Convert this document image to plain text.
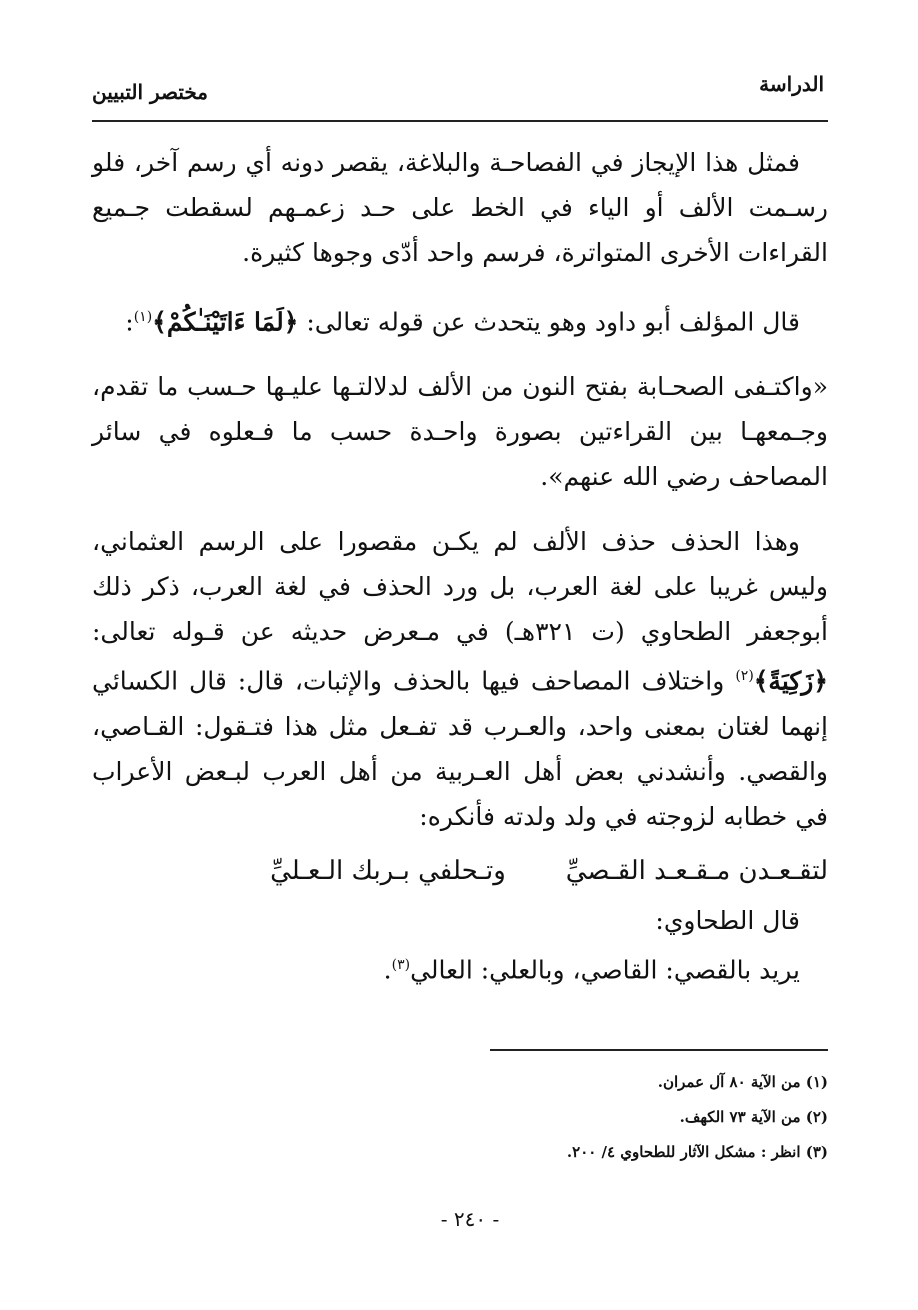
الدراسة
مختصر التبيين

فمثل هذا الإيجاز في الفصاحـة والبلاغة، يقصر دونه أي رسم آخر، فلو رسـمت الألف أو الياء في الخط على حـد زعمـهم لسقطت جـميع القراءات الأخرى المتواترة، فرسم واحد أدّى وجوها كثيرة.

قال المؤلف أبو داود وهو يتحدث عن قوله تعالى: ﴿لَمَا ءَاتَيْنَـٰكُمْ﴾$^{(١)}$:

«واكتـفى الصحـابة بفتح النون من الألف لدلالتـها عليـها حـسب ما تقدم، وجـمعهـا بين القراءتين بصورة واحـدة حسب ما فـعلوه في سائر المصاحف رضي الله عنهم».

وهذا الحذف حذف الألف لم يكـن مقصورا على الرسم العثماني، وليس غريبا على لغة العرب، بل ورد الحذف في لغة العرب، ذكر ذلك أبوجعفر الطحاوي (ت ٣٢١هـ) في مـعرض حديثه عن قـوله تعالى: ﴿زَكِيَةً﴾$^{(٢)}$ واختلاف المصاحف فيها بالحذف والإثبات، قال: قال الكسائي إنهما لغتان بمعنى واحد، والعـرب قد تفـعل مثل هذا فتـقول: القـاصي، والقصي. وأنشدني بعض أهل العـربية من أهل العرب لبـعض الأعراب في خطابه لزوجته في ولد ولدته فأنكره:

لتقـعـدن مـقـعـد القـصيِّ
وتـحلفي بـربك الـعـليِّ

قال الطحاوي:

يريد بالقصي: القاصي، وبالعلي: العالي$^{(٣)}$.

(١) من الآية ٨٠ آل عمران.
(٢) من الآية ٧٣ الكهف.
(٣) انظر : مشكل الآثار للطحاوي ٤/ ٢٠٠.
- ٢٤٠ -
